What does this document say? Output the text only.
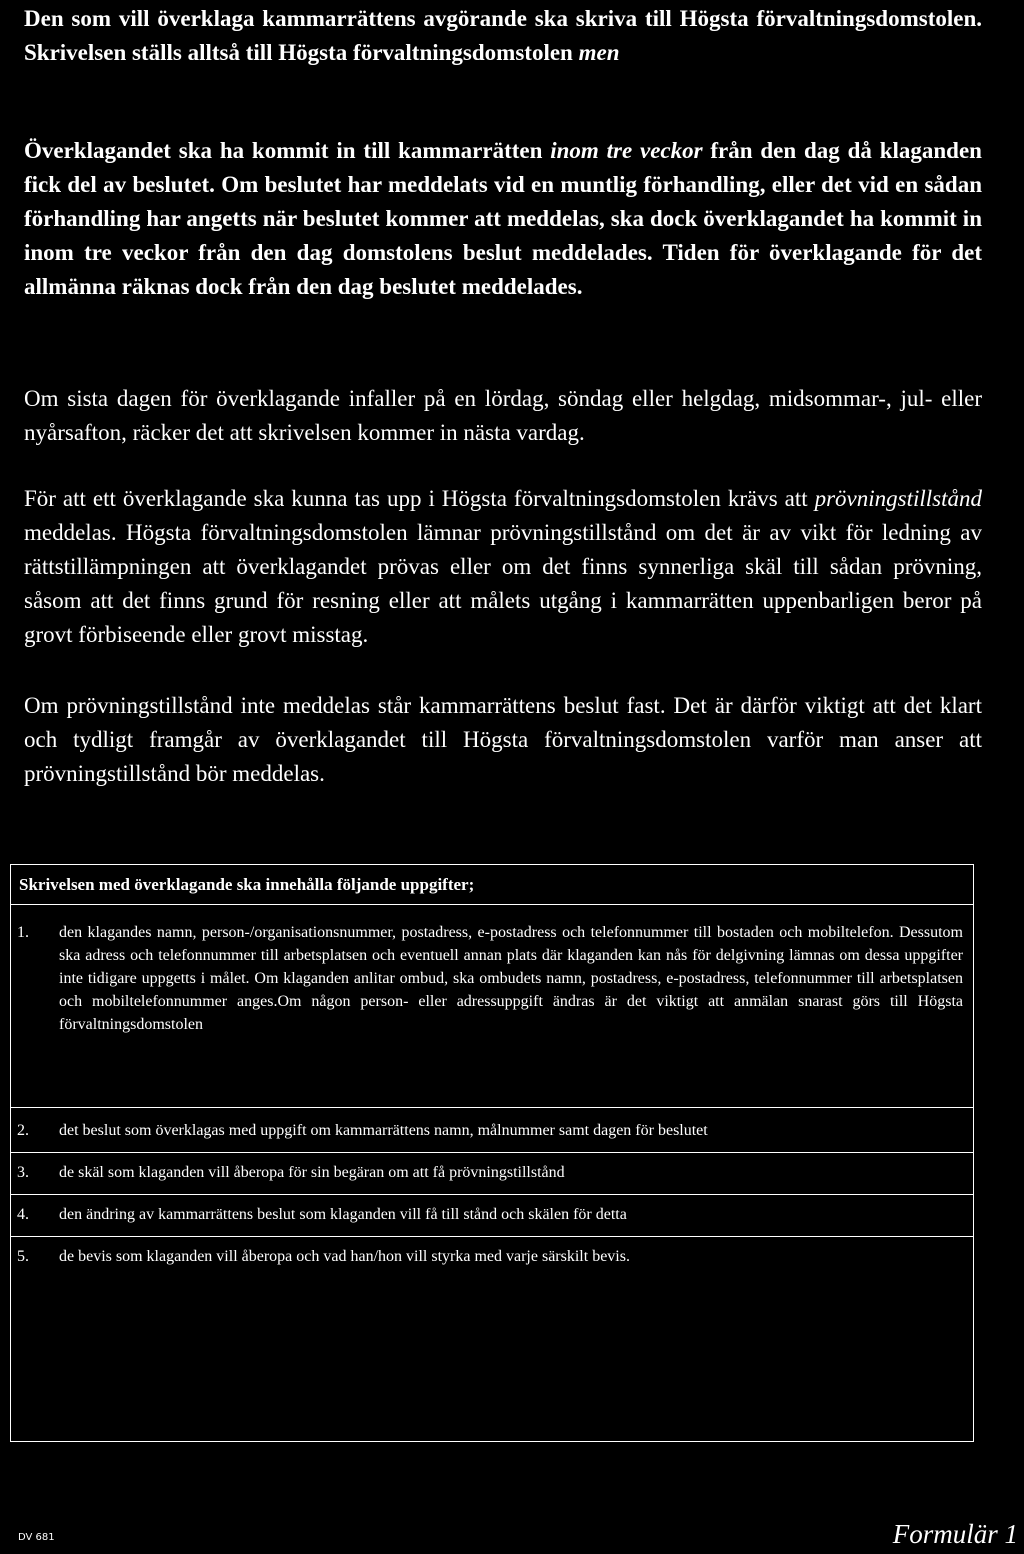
Den som vill överklaga kammarrättens avgörande ska skriva till Högsta förvaltningsdomstolen. Skrivelsen ställs alltså till Högsta förvaltningsdomstolen men

Överklagandet ska ha kommit in till kammarrätten inom tre veckor från den dag då klaganden fick del av beslutet. Om beslutet har meddelats vid en muntlig förhandling, eller det vid en sådan förhandling har angetts när beslutet kommer att meddelas, ska dock överklagandet ha kommit in inom tre veckor från den dag domstolens beslut meddelades. Tiden för överklagande för det allmänna räknas dock från den dag beslutet meddelades.

Om sista dagen för överklagande infaller på en lördag, söndag eller helgdag, midsommar-, jul- eller nyårsafton, räcker det att skrivelsen kommer in nästa vardag.

För att ett överklagande ska kunna tas upp i Högsta förvaltningsdomstolen krävs att prövningstillstånd meddelas. Högsta förvaltningsdomstolen lämnar prövningstillstånd om det är av vikt för ledning av rättstillämpningen att överklagandet prövas eller om det finns synnerliga skäl till sådan prövning, såsom att det finns grund för resning eller att målets utgång i kammarrätten uppenbarligen beror på grovt förbiseende eller grovt misstag.

Om prövningstillstånd inte meddelas står kammarrättens beslut fast. Det är därför viktigt att det klart och tydligt framgår av överklagandet till Högsta förvaltningsdomstolen varför man anser att prövningstillstånd bör meddelas.

Skrivelsen med överklagande ska innehålla följande uppgifter;
1.	den klagandes namn, person-/organisationsnummer, postadress, e-postadress och telefonnummer till bostaden och mobiltelefon. Dessutom ska adress och telefonnummer till arbetsplatsen och eventuell annan plats där klaganden kan nås för delgivning lämnas om dessa uppgifter inte tidigare uppgetts i målet. Om klaganden anlitar ombud, ska ombudets namn, postadress, e-postadress, telefonnummer till arbetsplatsen och mobiltelefonnummer anges.Om någon person- eller adressuppgift ändras är det viktigt att anmälan snarast görs till Högsta förvaltningsdomstolen
2.	det beslut som överklagas med uppgift om kammarrättens namn, målnummer samt dagen för beslutet
3.	de skäl som klaganden vill åberopa för sin begäran om att få prövningstillstånd
4.	den ändring av kammarrättens beslut som klaganden vill få till stånd och skälen för detta
5.	de bevis som klaganden vill åberopa och vad han/hon vill styrka med varje särskilt bevis.
DV 681	Formulär 1
